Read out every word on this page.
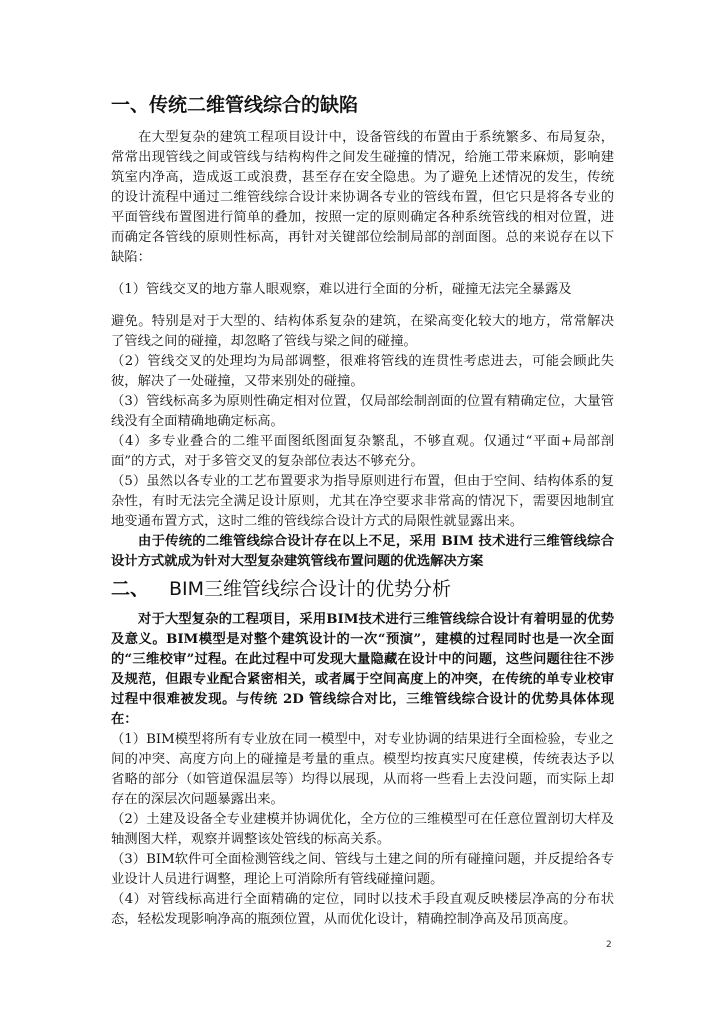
一、传统二维管线综合的缺陷

在大型复杂的建筑工程项目设计中，设备管线的布置由于系统繁多、布局复杂，常常出现管线之间或管线与结构构件之间发生碰撞的情况，给施工带来麻烦，影响建筑室内净高，造成返工或浪费，甚至存在安全隐患。为了避免上述情况的发生，传统的设计流程中通过二维管线综合设计来协调各专业的管线布置，但它只是将各专业的平面管线布置图进行简单的叠加，按照一定的原则确定各种系统管线的相对位置，进而确定各管线的原则性标高，再针对关键部位绘制局部的剖面图。总的来说存在以下缺陷：

（1）管线交叉的地方靠人眼观察，难以进行全面的分析，碰撞无法完全暴露及
避免。特别是对于大型的、结构体系复杂的建筑，在梁高变化较大的地方，常常解决了管线之间的碰撞，却忽略了管线与梁之间的碰撞。

（2）管线交叉的处理均为局部调整，很难将管线的连贯性考虑进去，可能会顾此失彼，解决了一处碰撞，又带来别处的碰撞。

（3）管线标高多为原则性确定相对位置，仅局部绘制剖面的位置有精确定位，大量管线没有全面精确地确定标高。

（4）多专业叠合的二维平面图纸图面复杂繁乱，不够直观。仅通过“平面+局部剖面”的方式，对于多管交叉的复杂部位表达不够充分。

（5）虽然以各专业的工艺布置要求为指导原则进行布置，但由于空间、结构体系的复杂性，有时无法完全满足设计原则，尤其在净空要求非常高的情况下，需要因地制宜地变通布置方式，这时二维的管线综合设计方式的局限性就显露出来。

由于传统的二维管线综合设计存在以上不足，采用 BIM 技术进行三维管线综合设计方式就成为针对大型复杂建筑管线布置问题的优选解决方案

二、 BIM三维管线综合设计的优势分析

对于大型复杂的工程项目，采用BIM技术进行三维管线综合设计有着明显的优势及意义。BIM模型是对整个建筑设计的一次“预演”，建模的过程同时也是一次全面的“三维校审”过程。在此过程中可发现大量隐藏在设计中的问题，这些问题往往不涉及规范，但跟专业配合紧密相关，或者属于空间高度上的冲突，在传统的单专业校审过程中很难被发现。与传统 2D 管线综合对比，三维管线综合设计的优势具体体现在：

（1）BIM模型将所有专业放在同一模型中，对专业协调的结果进行全面检验，专业之间的冲突、高度方向上的碰撞是考量的重点。模型均按真实尺度建模，传统表达予以省略的部分（如管道保温层等）均得以展现，从而将一些看上去没问题，而实际上却存在的深层次问题暴露出来。

（2）土建及设备全专业建模并协调优化，全方位的三维模型可在任意位置剖切大样及轴测图大样，观察并调整该处管线的标高关系。

（3）BIM软件可全面检测管线之间、管线与土建之间的所有碰撞问题，并反提给各专业设计人员进行调整，理论上可消除所有管线碰撞问题。

（4）对管线标高进行全面精确的定位，同时以技术手段直观反映楼层净高的分布状态，轻松发现影响净高的瓶颈位置，从而优化设计，精确控制净高及吊顶高度。

2
